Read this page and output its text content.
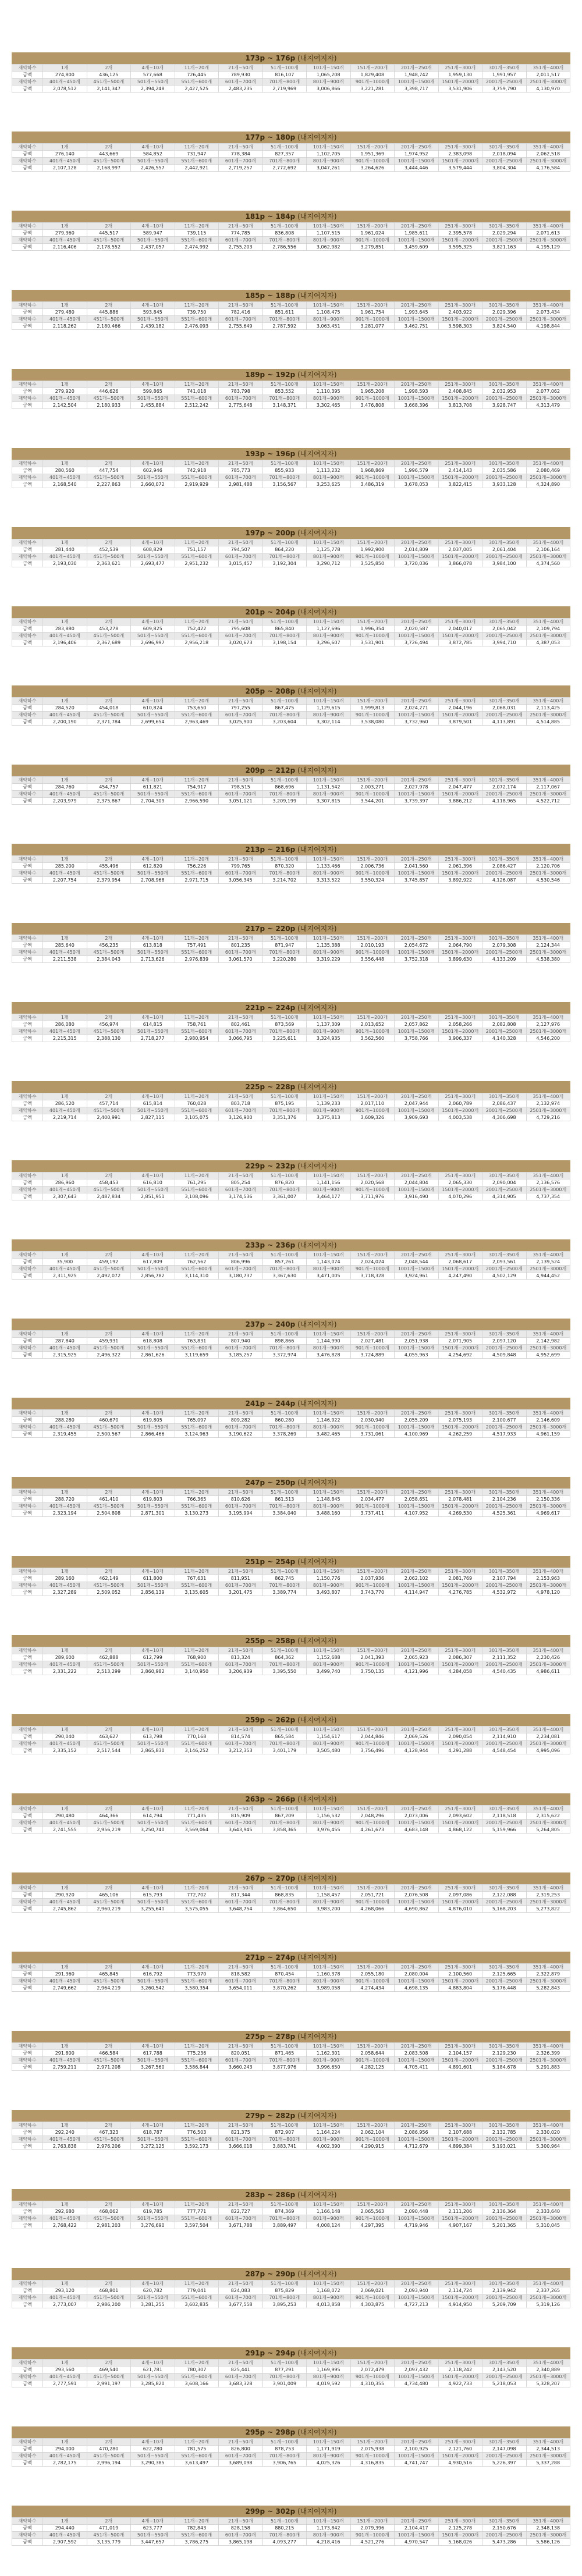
173p ~ 176p (내지여지자)
재약하수	1개	2개	4개~10개	11개~20개	21개~50개	51개~100개	101개~150개	151개~200개	201개~250개	251개~300개	301개~350개	351개~400개
금액	274,800	436,125	577,668	726,445	789,930	816,107	1,065,208	1,829,408	1,948,742	1,959,130	1,991,957	2,011,517
재약하수	401개~450개	451개~500개	501개~550개	551개~600개	601개~700개	701개~800개	801개~900개	901개~1000개	1001개~1500개	1501개~2000개	2001개~2500개	2501개~3000개
금액	2,078,512	2,141,347	2,394,248	2,427,525	2,483,235	2,719,969	3,006,866	3,221,281	3,398,717	3,531,906	3,759,790	4,130,970
177p ~ 180p (내지여지자)
재약하수	1개	2개	4개~10개	11개~20개	21개~50개	51개~100개	101개~150개	151개~200개	201개~250개	251개~300개	301개~350개	351개~400개
금액	276,140	443,669	584,852	731,947	778,384	827,357	1,102,705	1,951,369	1,974,952	2,383,098	2,018,094	2,062,518
재약하수	401개~450개	451개~500개	501개~550개	551개~600개	601개~700개	701개~800개	801개~900개	901개~1000개	1001개~1500개	1501개~2000개	2001개~2500개	2501개~3000개
금액	2,107,128	2,168,997	2,426,557	2,442,921	2,719,257	2,772,692	3,047,261	3,264,626	3,444,446	3,579,444	3,804,304	4,176,584
181p ~ 184p (내지여지자)
재약하수	1개	2개	4개~10개	11개~20개	21개~50개	51개~100개	101개~150개	151개~200개	201개~250개	251개~300개	301개~350개	351개~400개
금액	279,360	445,517	589,947	739,115	774,785	836,808	1,107,515	1,961,024	1,985,611	2,395,578	2,029,294	2,071,613
재약하수	401개~450개	451개~500개	501개~550개	551개~600개	601개~700개	701개~800개	801개~900개	901개~1000개	1001개~1500개	1501개~2000개	2001개~2500개	2501개~3000개
금액	2,116,406	2,178,552	2,437,057	2,474,992	2,755,203	2,786,556	3,062,982	3,279,851	3,459,609	3,595,325	3,821,163	4,195,129
185p ~ 188p (내지여지자)
재약하수	1개	2개	4개~10개	11개~20개	21개~50개	51개~100개	101개~150개	151개~200개	201개~250개	251개~300개	301개~350개	351개~400개
금액	279,480	445,886	593,845	739,750	782,416	851,611	1,108,475	1,961,754	1,993,645	2,403,922	2,029,396	2,073,434
재약하수	401개~450개	451개~500개	501개~550개	551개~600개	601개~700개	701개~800개	801개~900개	901개~1000개	1001개~1500개	1501개~2000개	2001개~2500개	2501개~3000개
금액	2,118,262	2,180,466	2,439,182	2,476,093	2,755,649	2,787,592	3,063,451	3,281,077	3,462,751	3,598,303	3,824,540	4,198,844
189p ~ 192p (내지여지자)
재약하수	1개	2개	4개~10개	11개~20개	21개~50개	51개~100개	101개~150개	151개~200개	201개~250개	251개~300개	301개~350개	351개~400개
금액	279,920	446,626	599,865	741,018	783,798	853,552	1,110,395	1,965,208	1,998,593	2,408,845	2,032,953	2,077,062
재약하수	401개~450개	451개~500개	501개~550개	551개~600개	601개~700개	701개~800개	801개~900개	901개~1000개	1001개~1500개	1501개~2000개	2001개~2500개	2501개~3000개
금액	2,142,504	2,180,933	2,455,884	2,512,242	2,775,648	3,148,371	3,302,465	3,476,808	3,668,396	3,813,708	3,928,747	4,313,479
193p ~ 196p (내지여지자)
재약하수	1개	2개	4개~10개	11개~20개	21개~50개	51개~100개	101개~150개	151개~200개	201개~250개	251개~300개	301개~350개	351개~400개
금액	280,560	447,754	602,946	742,918	785,773	855,933	1,113,232	1,968,869	1,996,579	2,414,143	2,035,586	2,080,469
재약하수	401개~450개	451개~500개	501개~550개	551개~600개	601개~700개	701개~800개	801개~900개	901개~1000개	1001개~1500개	1501개~2000개	2001개~2500개	2501개~3000개
금액	2,168,540	2,227,863	2,660,072	2,919,929	2,981,488	3,156,567	3,253,625	3,486,319	3,678,053	3,822,415	3,933,128	4,324,890
197p ~ 200p (내지여지자)
재약하수	1개	2개	4개~10개	11개~20개	21개~50개	51개~100개	101개~150개	151개~200개	201개~250개	251개~300개	301개~350개	351개~400개
금액	281,440	452,539	608,829	751,157	794,507	864,220	1,125,778	1,992,900	2,014,809	2,037,005	2,061,404	2,106,164
재약하수	401개~450개	451개~500개	501개~550개	551개~600개	601개~700개	701개~800개	801개~900개	901개~1000개	1001개~1500개	1501개~2000개	2001개~2500개	2501개~3000개
금액	2,193,030	2,363,621	2,693,477	2,951,232	3,015,457	3,192,304	3,290,712	3,525,850	3,720,036	3,866,078	3,984,100	4,374,560
201p ~ 204p (내지여지자)
재약하수	1개	2개	4개~10개	11개~20개	21개~50개	51개~100개	101개~150개	151개~200개	201개~250개	251개~300개	301개~350개	351개~400개
금액	283,880	453,278	609,825	752,422	795,608	865,840	1,127,696	1,996,354	2,020,587	2,040,017	2,065,042	2,109,794
재약하수	401개~450개	451개~500개	501개~550개	551개~600개	601개~700개	701개~800개	801개~900개	901개~1000개	1001개~1500개	1501개~2000개	2001개~2500개	2501개~3000개
금액	2,196,406	2,367,689	2,696,997	2,956,218	3,020,673	3,198,154	3,296,607	3,531,901	3,726,494	3,872,785	3,994,710	4,387,053
205p ~ 208p (내지여지자)
재약하수	1개	2개	4개~10개	11개~20개	21개~50개	51개~100개	101개~150개	151개~200개	201개~250개	251개~300개	301개~350개	351개~400개
금액	284,520	454,018	610,824	753,650	797,255	867,475	1,129,615	1,999,813	2,024,271	2,044,196	2,068,031	2,113,425
재약하수	401개~450개	451개~500개	501개~550개	551개~600개	601개~700개	701개~800개	801개~900개	901개~1000개	1001개~1500개	1501개~2000개	2001개~2500개	2501개~3000개
금액	2,200,190	2,371,784	2,699,654	2,963,469	3,025,900	3,203,604	3,302,114	3,538,080	3,732,960	3,879,501	4,113,891	4,514,885
209p ~ 212p (내지여지자)
재약하수	1개	2개	4개~10개	11개~20개	21개~50개	51개~100개	101개~150개	151개~200개	201개~250개	251개~300개	301개~350개	351개~400개
금액	284,760	454,757	611,821	754,917	798,515	868,696	1,131,542	2,003,271	2,027,978	2,047,477	2,072,174	2,117,067
재약하수	401개~450개	451개~500개	501개~550개	551개~600개	601개~700개	701개~800개	801개~900개	901개~1000개	1001개~1500개	1501개~2000개	2001개~2500개	2501개~3000개
금액	2,203,979	2,375,867	2,704,309	2,966,590	3,051,121	3,209,199	3,307,815	3,544,201	3,739,397	3,886,212	4,118,965	4,522,712
213p ~ 216p (내지여지자)
재약하수	1개	2개	4개~10개	11개~20개	21개~50개	51개~100개	101개~150개	151개~200개	201개~250개	251개~300개	301개~350개	351개~400개
금액	285,200	455,496	612,820	756,226	799,765	870,320	1,133,466	2,006,736	2,041,560	2,061,396	2,086,427	2,120,706
재약하수	401개~450개	451개~500개	501개~550개	551개~600개	601개~700개	701개~800개	801개~900개	901개~1000개	1001개~1500개	1501개~2000개	2001개~2500개	2501개~3000개
금액	2,207,754	2,379,954	2,708,968	2,971,715	3,056,345	3,214,702	3,313,522	3,550,324	3,745,857	3,892,922	4,126,087	4,530,546
217p ~ 220p (내지여지자)
재약하수	1개	2개	4개~10개	11개~20개	21개~50개	51개~100개	101개~150개	151개~200개	201개~250개	251개~300개	301개~350개	351개~400개
금액	285,640	456,235	613,818	757,491	801,235	871,947	1,135,388	2,010,193	2,054,672	2,064,790	2,079,308	2,124,344
재약하수	401개~450개	451개~500개	501개~550개	551개~600개	601개~700개	701개~800개	801개~900개	901개~1000개	1001개~1500개	1501개~2000개	2001개~2500개	2501개~3000개
금액	2,211,538	2,384,043	2,713,626	2,976,839	3,061,570	3,220,280	3,319,229	3,556,448	3,752,318	3,899,630	4,133,209	4,538,380
221p ~ 224p (내지여지자)
재약하수	1개	2개	4개~10개	11개~20개	21개~50개	51개~100개	101개~150개	151개~200개	201개~250개	251개~300개	301개~350개	351개~400개
금액	286,080	456,974	614,815	758,761	802,461	873,569	1,137,309	2,013,652	2,057,862	2,058,266	2,082,808	2,127,976
재약하수	401개~450개	451개~500개	501개~550개	551개~600개	601개~700개	701개~800개	801개~900개	901개~1000개	1001개~1500개	1501개~2000개	2001개~2500개	2501개~3000개
금액	2,215,315	2,388,130	2,718,277	2,980,954	3,066,795	3,225,611	3,324,935	3,562,560	3,758,766	3,906,337	4,140,328	4,546,200
225p ~ 228p (내지여지자)
재약하수	1개	2개	4개~10개	11개~20개	21개~50개	51개~100개	101개~150개	151개~200개	201개~250개	251개~300개	301개~350개	351개~400개
금액	286,520	457,714	615,814	760,028	803,718	875,195	1,139,233	2,017,110	2,047,944	2,060,789	2,086,437	2,132,974
재약하수	401개~450개	451개~500개	501개~550개	551개~600개	601개~700개	701개~800개	801개~900개	901개~1000개	1001개~1500개	1501개~2000개	2001개~2500개	2501개~3000개
금액	2,219,714	2,400,991	2,827,115	3,105,075	3,126,900	3,351,376	3,375,813	3,609,326	3,909,693	4,003,538	4,306,698	4,729,216
229p ~ 232p (내지여지자)
재약하수	1개	2개	4개~10개	11개~20개	21개~50개	51개~100개	101개~150개	151개~200개	201개~250개	251개~300개	301개~350개	351개~400개
금액	286,960	458,453	616,810	761,295	805,254	876,820	1,141,156	2,020,568	2,044,804	2,065,330	2,090,004	2,136,576
재약하수	401개~450개	451개~500개	501개~550개	551개~600개	601개~700개	701개~800개	801개~900개	901개~1000개	1001개~1500개	1501개~2000개	2001개~2500개	2501개~3000개
금액	2,307,643	2,487,834	2,851,951	3,108,096	3,174,536	3,361,007	3,464,177	3,711,976	3,916,490	4,070,296	4,314,905	4,737,354
233p ~ 236p (내지여지자)
재약하수	1개	2개	4개~10개	11개~20개	21개~50개	51개~100개	101개~150개	151개~200개	201개~250개	251개~300개	301개~350개	351개~400개
금액	35,900	459,192	617,809	762,562	806,996	857,261	1,143,074	2,024,024	2,048,544	2,068,617	2,093,561	2,139,524
재약하수	401개~450개	451개~500개	501개~550개	551개~600개	601개~700개	701개~800개	801개~900개	901개~1000개	1001개~1500개	1501개~2000개	2001개~2500개	2501개~3000개
금액	2,311,925	2,492,072	2,856,782	3,114,310	3,180,737	3,367,630	3,471,005	3,718,328	3,924,961	4,247,490	4,502,129	4,944,452
237p ~ 240p (내지여지자)
재약하수	1개	2개	4개~10개	11개~20개	21개~50개	51개~100개	101개~150개	151개~200개	201개~250개	251개~300개	301개~350개	351개~400개
금액	287,840	459,931	618,808	763,831	807,940	898,866	1,144,990	2,027,481	2,051,938	2,071,905	2,097,120	2,142,982
재약하수	401개~450개	451개~500개	501개~550개	551개~600개	601개~700개	701개~800개	801개~900개	901개~1000개	1001개~1500개	1501개~2000개	2001개~2500개	2501개~3000개
금액	2,315,925	2,496,322	2,861,626	3,119,659	3,185,257	3,372,974	3,476,828	3,724,889	4,055,963	4,254,692	4,509,848	4,952,699
241p ~ 244p (내지여지자)
재약하수	1개	2개	4개~10개	11개~20개	21개~50개	51개~100개	101개~150개	151개~200개	201개~250개	251개~300개	301개~350개	351개~400개
금액	288,280	460,670	619,805	765,097	809,282	860,280	1,146,922	2,030,940	2,055,209	2,075,193	2,100,677	2,146,609
재약하수	401개~450개	451개~500개	501개~550개	551개~600개	601개~700개	701개~800개	801개~900개	901개~1000개	1001개~1500개	1501개~2000개	2001개~2500개	2501개~3000개
금액	2,319,455	2,500,567	2,866,466	3,124,963	3,190,622	3,378,269	3,482,465	3,731,061	4,100,969	4,262,259	4,517,933	4,961,159
247p ~ 250p (내지여지자)
재약하수	1개	2개	4개~10개	11개~20개	21개~50개	51개~100개	101개~150개	151개~200개	201개~250개	251개~300개	301개~350개	351개~400개
금액	288,720	461,410	619,803	766,365	810,626	861,513	1,148,845	2,034,477	2,058,651	2,078,481	2,104,236	2,150,336
재약하수	401개~450개	451개~500개	501개~550개	551개~600개	601개~700개	701개~800개	801개~900개	901개~1000개	1001개~1500개	1501개~2000개	2001개~2500개	2501개~3000개
금액	2,323,194	2,504,808	2,871,301	3,130,273	3,195,994	3,384,040	3,488,160	3,737,411	4,107,952	4,269,530	4,525,361	4,969,617
251p ~ 254p (내지여지자)
재약하수	1개	2개	4개~10개	11개~20개	21개~50개	51개~100개	101개~150개	151개~200개	201개~250개	251개~300개	301개~350개	351개~400개
금액	289,160	462,149	611,800	767,631	811,951	862,745	1,150,776	2,037,936	2,062,102	2,081,769	2,107,794	2,153,963
재약하수	401개~450개	451개~500개	501개~550개	551개~600개	601개~700개	701개~800개	801개~900개	901개~1000개	1001개~1500개	1501개~2000개	2001개~2500개	2501개~3000개
금액	2,327,289	2,509,052	2,856,139	3,135,605	3,201,475	3,389,774	3,493,807	3,743,770	4,114,947	4,276,785	4,532,972	4,978,120
255p ~ 258p (내지여지자)
재약하수	1개	2개	4개~10개	11개~20개	21개~50개	51개~100개	101개~150개	151개~200개	201개~250개	251개~300개	301개~350개	351개~400개
금액	289,600	462,888	612,799	768,900	813,324	864,362	1,152,688	2,041,393	2,065,923	2,086,307	2,111,352	2,230,426
재약하수	401개~450개	451개~500개	501개~550개	551개~600개	601개~700개	701개~800개	801개~900개	901개~1000개	1001개~1500개	1501개~2000개	2001개~2500개	2501개~3000개
금액	2,331,222	2,513,299	2,860,982	3,140,950	3,206,939	3,395,550	3,499,740	3,750,135	4,121,996	4,284,058	4,540,435	4,986,611
259p ~ 262p (내지여지자)
재약하수	1개	2개	4개~10개	11개~20개	21개~50개	51개~100개	101개~150개	151개~200개	201개~250개	251개~300개	301개~350개	351개~400개
금액	290,040	463,627	613,798	770,168	814,574	865,584	1,154,617	2,044,846	2,069,526	2,090,054	2,114,910	2,234,081
재약하수	401개~450개	451개~500개	501개~550개	551개~600개	601개~700개	701개~800개	801개~900개	901개~1000개	1001개~1500개	1501개~2000개	2001개~2500개	2501개~3000개
금액	2,335,152	2,517,544	2,865,830	3,146,252	3,212,353	3,401,179	3,505,480	3,756,496	4,128,944	4,291,288	4,548,454	4,995,096
263p ~ 266p (내지여지자)
재약하수	1개	2개	4개~10개	11개~20개	21개~50개	51개~100개	101개~150개	151개~200개	201개~250개	251개~300개	301개~350개	351개~400개
금액	290,480	464,366	614,794	771,435	815,909	867,209	1,156,532	2,048,296	2,073,006	2,093,602	2,118,518	2,315,622
재약하수	401개~450개	451개~500개	501개~550개	551개~600개	601개~700개	701개~800개	801개~900개	901개~1000개	1001개~1500개	1501개~2000개	2001개~2500개	2501개~3000개
금액	2,741,555	2,956,219	3,250,740	3,569,064	3,643,945	3,858,365	3,976,455	4,261,673	4,683,148	4,868,122	5,159,966	5,264,805
267p ~ 270p (내지여지자)
재약하수	1개	2개	4개~10개	11개~20개	21개~50개	51개~100개	101개~150개	151개~200개	201개~250개	251개~300개	301개~350개	351개~400개
금액	290,920	465,106	615,793	772,702	817,344	868,835	1,158,457	2,051,721	2,076,508	2,097,086	2,122,088	2,319,253
재약하수	401개~450개	451개~500개	501개~550개	551개~600개	601개~700개	701개~800개	801개~900개	901개~1000개	1001개~1500개	1501개~2000개	2001개~2500개	2501개~3000개
금액	2,745,862	2,960,219	3,255,641	3,575,055	3,648,754	3,864,650	3,983,200	4,268,066	4,690,862	4,876,010	5,168,203	5,273,822
271p ~ 274p (내지여지자)
재약하수	1개	2개	4개~10개	11개~20개	21개~50개	51개~100개	101개~150개	151개~200개	201개~250개	251개~300개	301개~350개	351개~400개
금액	291,360	465,845	616,792	773,970	818,582	870,454	1,160,378	2,055,180	2,080,004	2,100,560	2,125,665	2,322,879
재약하수	401개~450개	451개~500개	501개~550개	551개~600개	601개~700개	701개~800개	801개~900개	901개~1000개	1001개~1500개	1501개~2000개	2001개~2500개	2501개~3000개
금액	2,749,662	2,964,219	3,260,542	3,580,354	3,654,011	3,870,262	3,989,058	4,274,434	4,698,135	4,883,804	5,176,448	5,282,843
275p ~ 278p (내지여지자)
재약하수	1개	2개	4개~10개	11개~20개	21개~50개	51개~100개	101개~150개	151개~200개	201개~250개	251개~300개	301개~350개	351개~400개
금액	291,800	466,584	617,788	775,236	820,051	871,465	1,162,301	2,058,644	2,083,508	2,104,157	2,129,230	2,326,399
재약하수	401개~450개	451개~500개	501개~550개	551개~600개	601개~700개	701개~800개	801개~900개	901개~1000개	1001개~1500개	1501개~2000개	2001개~2500개	2501개~3000개
금액	2,759,211	2,971,208	3,267,560	3,586,844	3,660,243	3,877,976	3,996,650	4,282,125	4,705,411	4,891,601	5,184,678	5,291,883
279p ~ 282p (내지여지자)
재약하수	1개	2개	4개~10개	11개~20개	21개~50개	51개~100개	101개~150개	151개~200개	201개~250개	251개~300개	301개~350개	351개~400개
금액	292,240	467,323	618,787	776,503	821,375	872,907	1,164,224	2,062,104	2,086,956	2,107,688	2,132,785	2,330,020
재약하수	401개~450개	451개~500개	501개~550개	551개~600개	601개~700개	701개~800개	801개~900개	901개~1000개	1001개~1500개	1501개~2000개	2001개~2500개	2501개~3000개
금액	2,763,838	2,976,206	3,272,125	3,592,173	3,666,018	3,883,741	4,002,390	4,290,915	4,712,679	4,899,384	5,193,021	5,300,964
283p ~ 286p (내지여지자)
재약하수	1개	2개	4개~10개	11개~20개	21개~50개	51개~100개	101개~150개	151개~200개	201개~250개	251개~300개	301개~350개	351개~400개
금액	292,680	468,062	619,785	777,771	822,727	874,369	1,166,148	2,065,563	2,090,448	2,111,206	2,136,364	2,333,640
재약하수	401개~450개	451개~500개	501개~550개	551개~600개	601개~700개	701개~800개	801개~900개	901개~1000개	1001개~1500개	1501개~2000개	2001개~2500개	2501개~3000개
금액	2,768,422	2,981,203	3,276,690	3,597,504	3,671,788	3,889,497	4,008,124	4,297,395	4,719,946	4,907,167	5,201,365	5,310,045
287p ~ 290p (내지여지자)
재약하수	1개	2개	4개~10개	11개~20개	21개~50개	51개~100개	101개~150개	151개~200개	201개~250개	251개~300개	301개~350개	351개~400개
금액	293,120	468,801	620,782	779,041	824,083	875,829	1,168,072	2,069,021	2,093,940	2,114,724	2,139,942	2,337,265
재약하수	401개~450개	451개~500개	501개~550개	551개~600개	601개~700개	701개~800개	801개~900개	901개~1000개	1001개~1500개	1501개~2000개	2001개~2500개	2501개~3000개
금액	2,773,007	2,986,200	3,281,255	3,602,835	3,677,558	3,895,253	4,013,858	4,303,875	4,727,213	4,914,950	5,209,709	5,319,126
291p ~ 294p (내지여지자)
재약하수	1개	2개	4개~10개	11개~20개	21개~50개	51개~100개	101개~150개	151개~200개	201개~250개	251개~300개	301개~350개	351개~400개
금액	293,560	469,540	621,781	780,307	825,441	877,291	1,169,995	2,072,479	2,097,432	2,118,242	2,143,520	2,340,889
재약하수	401개~450개	451개~500개	501개~550개	551개~600개	601개~700개	701개~800개	801개~900개	901개~1000개	1001개~1500개	1501개~2000개	2001개~2500개	2501개~3000개
금액	2,777,591	2,991,197	3,285,820	3,608,166	3,683,328	3,901,009	4,019,592	4,310,355	4,734,480	4,922,733	5,218,053	5,328,207
295p ~ 298p (내지여지자)
재약하수	1개	2개	4개~10개	11개~20개	21개~50개	51개~100개	101개~150개	151개~200개	201개~250개	251개~300개	301개~350개	351개~400개
금액	294,000	470,280	622,780	781,575	826,800	878,753	1,171,919	2,075,938	2,100,925	2,121,760	2,147,098	2,344,513
재약하수	401개~450개	451개~500개	501개~550개	551개~600개	601개~700개	701개~800개	801개~900개	901개~1000개	1001개~1500개	1501개~2000개	2001개~2500개	2501개~3000개
금액	2,782,175	2,996,194	3,290,385	3,613,497	3,689,098	3,906,765	4,025,326	4,316,835	4,741,747	4,930,516	5,226,397	5,337,288
299p ~ 302p (내지여지자)
재약하수	1개	2개	4개~10개	11개~20개	21개~50개	51개~100개	101개~150개	151개~200개	201개~250개	251개~300개	301개~350개	351개~400개
금액	294,440	471,019	623,777	782,843	828,158	880,215	1,173,842	2,079,396	2,104,417	2,125,278	2,150,676	2,348,138
재약하수	401개~450개	451개~500개	501개~550개	551개~600개	601개~700개	701개~800개	801개~900개	901개~1000개	1001개~1500개	1501개~2000개	2001개~2500개	2501개~3000개
금액	2,907,592	3,135,779	3,447,657	3,786,275	3,865,198	4,093,277	4,218,416	4,521,276	4,970,547	5,168,026	5,473,286	5,586,126
